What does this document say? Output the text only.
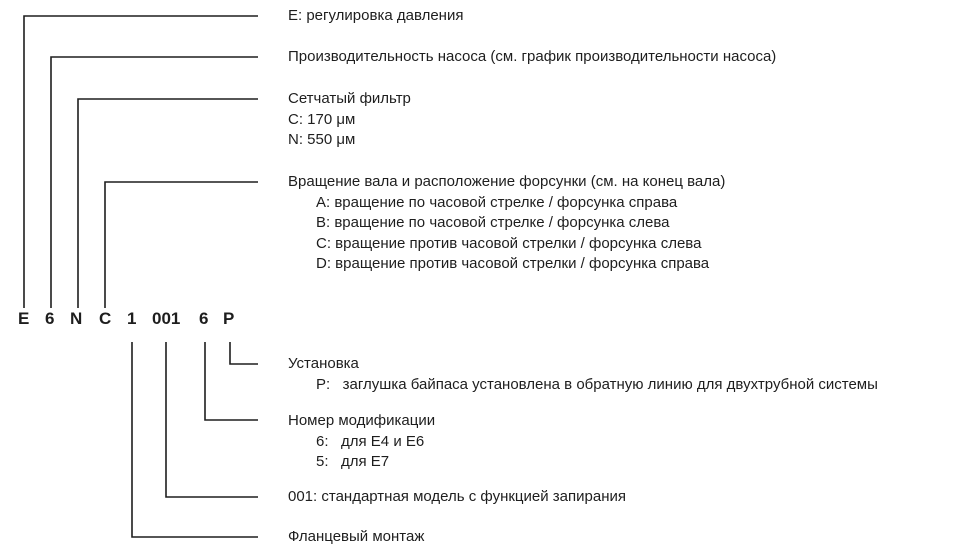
E 6 N C 1 001 6 P
E: регулировка давления
Производительность насоса (см. график производительности насоса)
Сетчатый фильтр
C: 170 μм
N: 550 μм
Вращение вала и расположение форсунки (см. на конец вала)
A: вращение по часовой стрелке / форсунка справа
B: вращение по часовой стрелке / форсунка слева
C: вращение против часовой стрелки / форсунка слева
D: вращение против часовой стрелки / форсунка справа
Установка
P:   заглушка байпаса установлена в обратную линию для двухтрубной системы
Номер модификации
6:   для E4 и E6
5:   для E7
001: стандартная модель с функцией запирания
Фланцевый монтаж
